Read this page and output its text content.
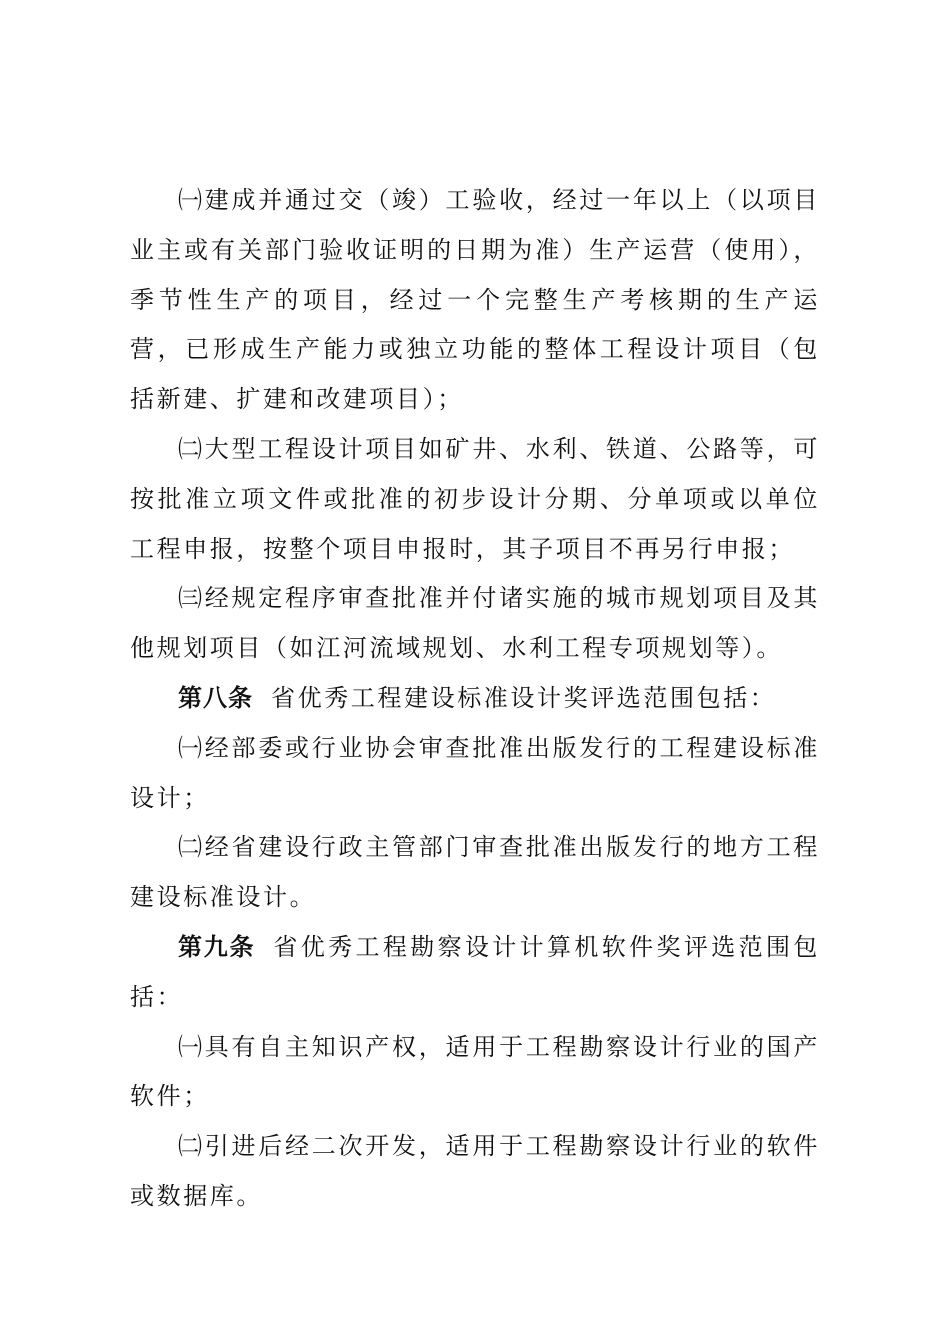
㈠建成并通过交（竣）工验收，经过一年以上（以项目业主或有关部门验收证明的日期为准）生产运营（使用），季节性生产的项目，经过一个完整生产考核期的生产运营，已形成生产能力或独立功能的整体工程设计项目（包括新建、扩建和改建项目）；

㈡大型工程设计项目如矿井、水利、铁道、公路等，可按批准立项文件或批准的初步设计分期、分单项或以单位工程申报，按整个项目申报时，其子项目不再另行申报；

㈢经规定程序审查批准并付诸实施的城市规划项目及其他规划项目（如江河流域规划、水利工程专项规划等）。

第八条 省优秀工程建设标准设计奖评选范围包括：

㈠经部委或行业协会审查批准出版发行的工程建设标准设计；

㈡经省建设行政主管部门审查批准出版发行的地方工程建设标准设计。

第九条 省优秀工程勘察设计计算机软件奖评选范围包括：

㈠具有自主知识产权，适用于工程勘察设计行业的国产软件；

㈡引进后经二次开发，适用于工程勘察设计行业的软件或数据库。
